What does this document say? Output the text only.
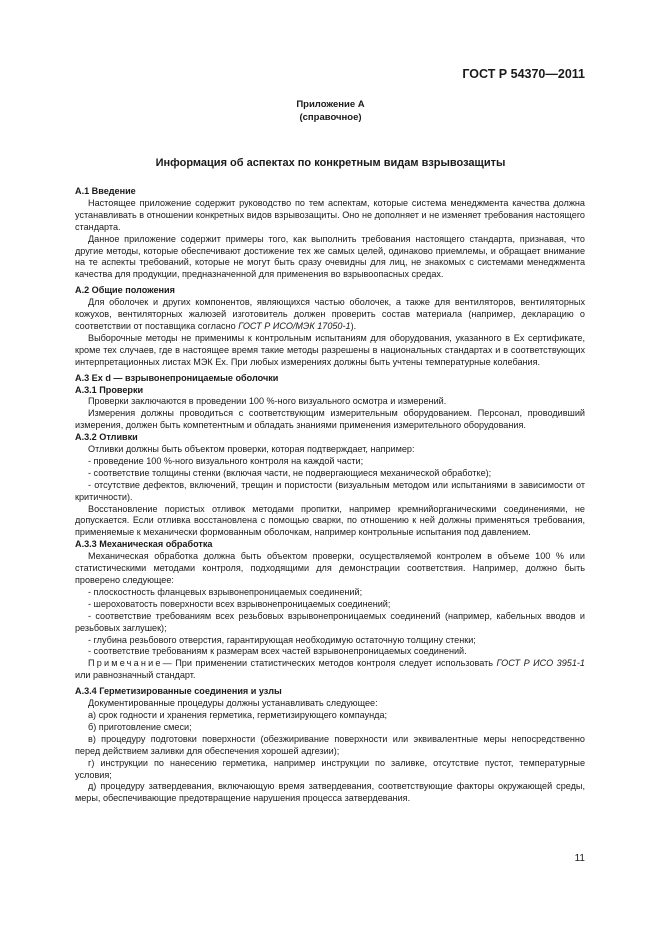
ГОСТ Р 54370—2011
Приложение А
(справочное)
Информация об аспектах по конкретным видам взрывозащиты

А.1 Введение

Настоящее приложение содержит руководство по тем аспектам, которые система менеджмента качества должна устанавливать в отношении конкретных видов взрывозащиты. Оно не дополняет и не изменяет требования настоящего стандарта.

Данное приложение содержит примеры того, как выполнить требования настоящего стандарта, признавая, что другие методы, которые обеспечивают достижение тех же самых целей, одинаково приемлемы, и обращает внимание на те аспекты требований, которые не могут быть сразу очевидны для лиц, не знакомых с системами менеджмента качества для продукции, предназначенной для применения во взрывоопасных средах.

А.2 Общие положения

Для оболочек и других компонентов, являющихся частью оболочек, а также для вентиляторов, вентиляторных кожухов, вентиляторных жалюзей изготовитель должен проверить состав материала (например, декларацию о соответствии от поставщика согласно ГОСТ Р ИСО/МЭК 17050-1).

Выборочные методы не применимы к контрольным испытаниям для оборудования, указанного в Ex сертификате, кроме тех случаев, где в настоящее время такие методы разрешены в национальных стандартах и в соответствующих интерпретационных листах МЭК Ex. При любых измерениях должны быть учтены температурные колебания.

А.3 Ex d — взрывонепроницаемые оболочки

А.3.1 Проверки

Проверки заключаются в проведении 100 %-ного визуального осмотра и измерений.

Измерения должны проводиться с соответствующим измерительным оборудованием. Персонал, проводивший измерения, должен быть компетентным и обладать знаниями применения измерительного оборудования.

А.3.2 Отливки

Отливки должны быть объектом проверки, которая подтверждает, например:

- проведение 100 %-ного визуального контроля на каждой части;

- соответствие толщины стенки (включая части, не подвергающиеся механической обработке);

- отсутствие дефектов, включений, трещин и пористости (визуальным методом или испытаниями в зависимости от критичности).

Восстановление пористых отливок методами пропитки, например кремнийорганическими соединениями, не допускается. Если отливка восстановлена с помощью сварки, по отношению к ней должны применяться требования, применяемые к механически формованным оболочкам, например контрольные испытания под давлением.

А.3.3 Механическая обработка

Механическая обработка должна быть объектом проверки, осуществляемой контролем в объеме 100 % или статистическими методами контроля, подходящими для демонстрации соответствия. Например, должно быть проверено следующее:

- плоскостность фланцевых взрывонепроницаемых соединений;

- шероховатость поверхности всех взрывонепроницаемых соединений;

- соответствие требованиям всех резьбовых взрывонепроницаемых соединений (например, кабельных вводов и резьбовых заглушек);

- глубина резьбового отверстия, гарантирующая необходимую остаточную толщину стенки;

- соответствие требованиям к размерам всех частей взрывонепроницаемых соединений.

Примечание— При применении статистических методов контроля следует использовать ГОСТ Р ИСО 3951-1 или равнозначный стандарт.

А.3.4 Герметизированные соединения и узлы

Документированные процедуры должны устанавливать следующее:

а) срок годности и хранения герметика, герметизирующего компаунда;

б) приготовление смеси;

в) процедуру подготовки поверхности (обезжиривание поверхности или эквивалентные меры непосредственно перед действием заливки для обеспечения хорошей адгезии);

г) инструкции по нанесению герметика, например инструкции по заливке, отсутствие пустот, температурные условия;

д) процедуру затвердевания, включающую время затвердевания, соответствующие факторы окружающей среды, меры, обеспечивающие предотвращение нарушения процесса затвердевания.

11
